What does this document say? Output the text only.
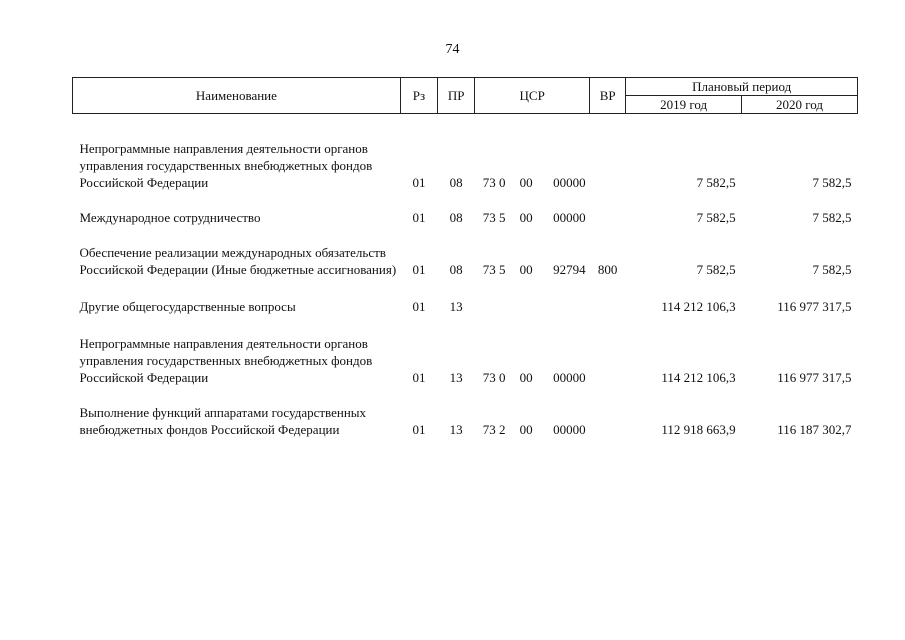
74
Наименование	Рз	ПР	ЦСР	ВР	Плановый период	
					2019 год	2020 год

Непрограммные направления деятельности органов управления государственных внебюджетных фондов Российской Федерации	01	08	73 0 00 00000		7 582,5	7 582,5

Международное сотрудничество	01	08	73 5 00 00000		7 582,5	7 582,5

Обеспечение реализации международных обязательств Российской Федерации (Иные бюджетные ассигнования)	01	08	73 5 00 92794	800	7 582,5	7 582,5

Другие общегосударственные вопросы	01	13			114 212 106,3	116 977 317,5

Непрограммные направления деятельности органов управления государственных внебюджетных фондов Российской Федерации	01	13	73 0 00 00000		114 212 106,3	116 977 317,5

Выполнение функций аппаратами государственных внебюджетных фондов Российской Федерации	01	13	73 2 00 00000		112 918 663,9	116 187 302,7
